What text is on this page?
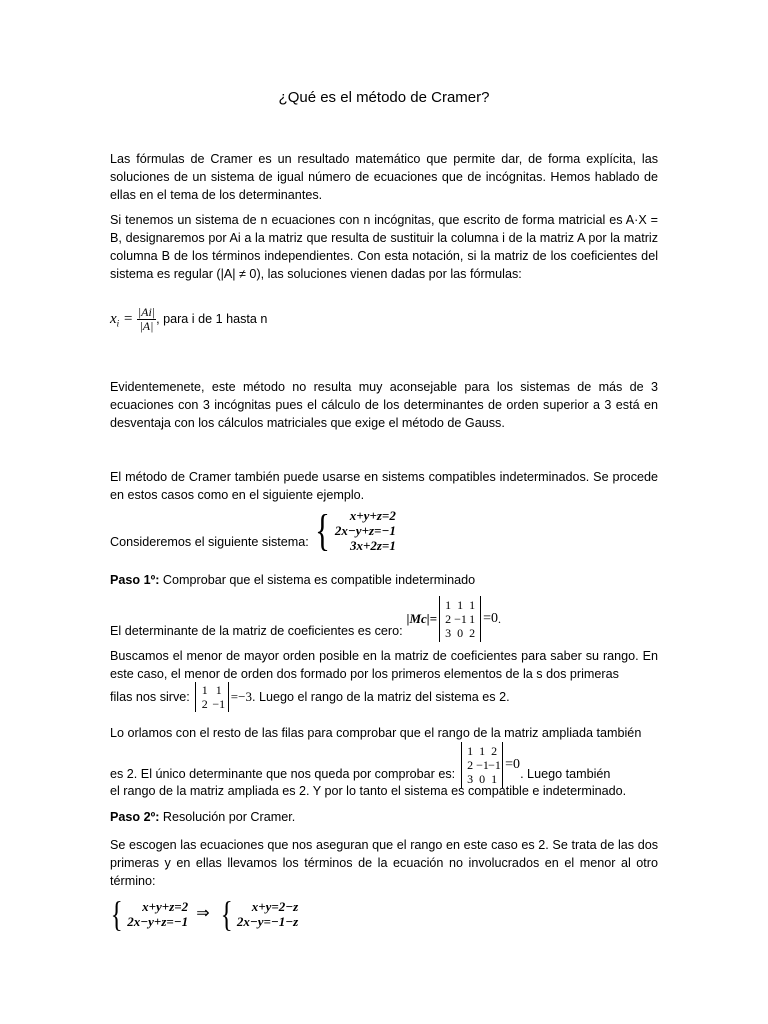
¿Qué es el método de Cramer?

Las fórmulas de Cramer es un resultado matemático que permite dar, de forma explícita, las soluciones de un sistema de igual número de ecuaciones que de incógnitas. Hemos hablado de ellas en el tema de los determinantes.

Si tenemos un sistema de n ecuaciones con n incógnitas, que escrito de forma matricial es A·X = B, designaremos por Ai a la matriz que resulta de sustituir la columna i de la matriz A por la matriz columna B de los términos independientes. Con esta notación, si la matriz de los coeficientes del sistema es regular (|A| ≠ 0), las soluciones vienen dadas por las fórmulas:

$x_i = \frac{|Ai|}{|A|}$ , para i de 1 hasta n

Evidentemenete, este método no resulta muy aconsejable para los sistemas de más de 3 ecuaciones con 3 incógnitas pues el cálculo de los determinantes de orden superior a 3 está en desventaja con los cálculos matriciales que exige el método de Gauss.

El método de Cramer también puede usarse en sistems compatibles indeterminados. Se procede en estos casos como en el siguiente ejemplo.

Consideremos el siguiente sistema: { x+y+z=2
2x−y+z=−1
3x+2z=1

Paso 1º: Comprobar que el sistema es compatible indeterminado

El determinante de la matriz de coeficientes es cero:
|Mc|=
1 1 1
2 −1 1
3 0 2
=0 .

Buscamos el menor de mayor orden posible en la matriz de coeficientes para saber su rango. En este caso, el menor de orden dos formado por los primeros elementos de la s dos primeras

filas nos sirve:	1 1
2 −1 =−3 . Luego el rango de la matriz del sistema es 2.

Lo orlamos con el resto de las filas para comprobar que el rango de la matriz ampliada también

es 2. El único determinante que nos queda por comprobar es:
1 1 2
2 −1 −1
3 0 1
=0
. Luego también

el rango de la matriz ampliada es 2. Y por lo tanto el sistema es compatible e indeterminado.

Paso 2º: Resolución por Cramer.

Se escogen las ecuaciones que nos aseguran que el rango en este caso es 2. Se trata de las dos primeras y en ellas llevamos los términos de la ecuación no involucrados en el menor al otro término:

{ x+y+z=2
2x−y+z=−1 ⇒ { x+y=2−z
2x−y=−1−z
